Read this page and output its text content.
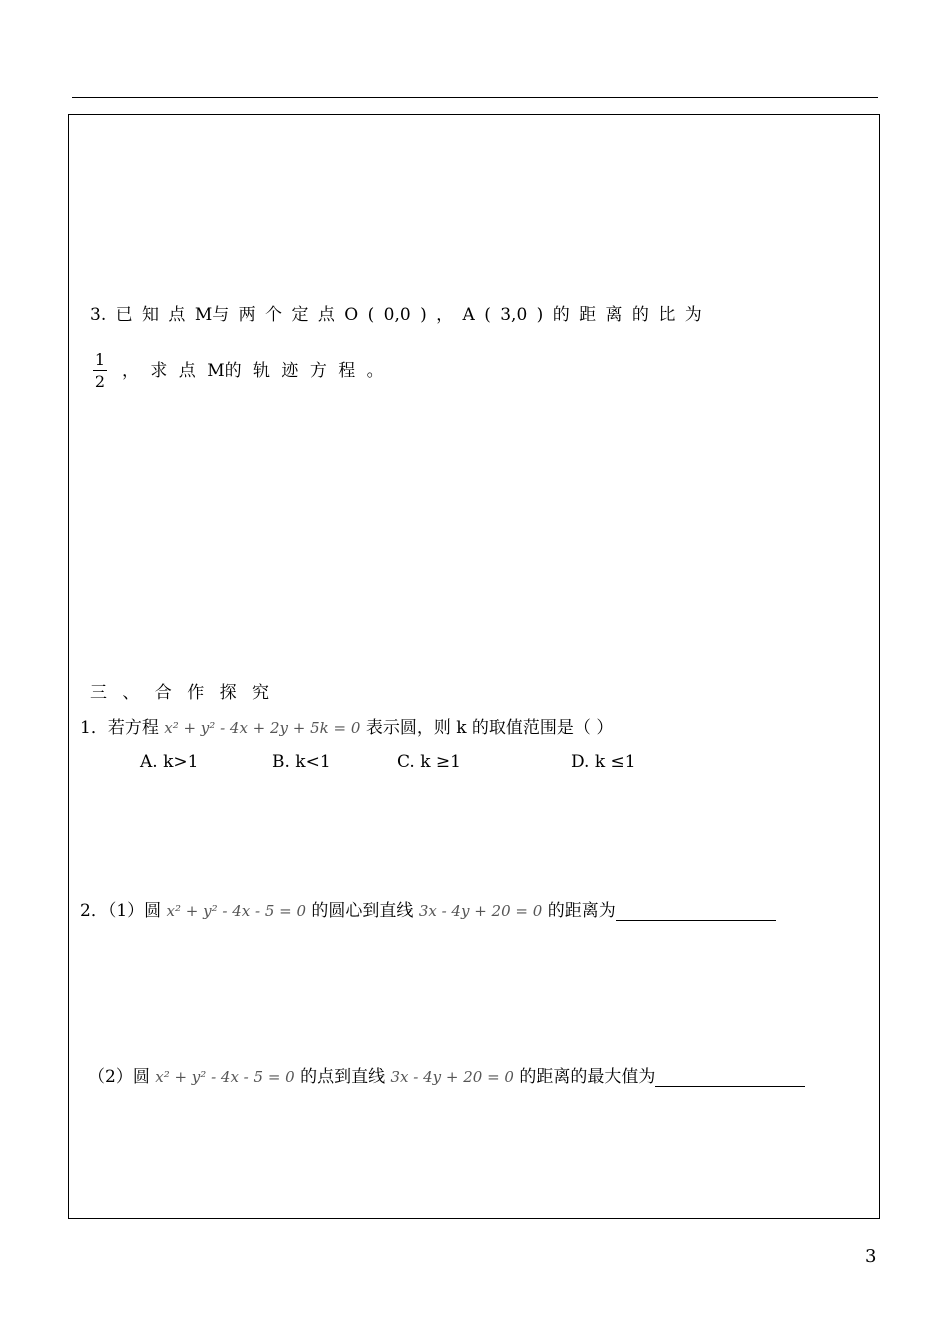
3. 已 知 点 M与 两 个 定 点 O ( 0,0 ) ， A ( 3,0 ) 的 距 离 的 比 为
1
2
， 求 点 M的 轨 迹 方 程 。
三 、 合 作 探 究
1．若方程 x² + y² - 4x + 2y + 5k = 0 表示圆，则 k 的取值范围是（ ）
A. k>1	B. k<1	C. k ≥1	D. k ≤1
2．（1）圆 x² + y² - 4x - 5 = 0 的圆心到直线 3x - 4y + 20 = 0 的距离为
（2）圆 x² + y² - 4x - 5 = 0 的点到直线 3x - 4y + 20 = 0 的距离的最大值为
3
